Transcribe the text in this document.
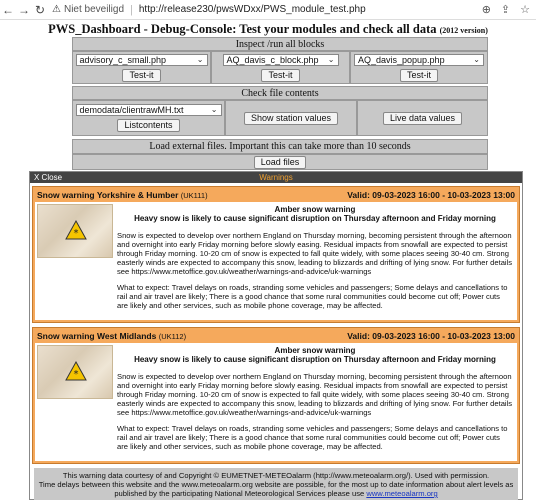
← → ↻ ⚠ Niet beveiligd | http://release230/pwsWDxx/PWS_module_test.php	⊕ ⇪ ☆
PWS_Dashboard - Debug-Console: Test your modules and check all data (2012 version)
Inspect /run all blocks
advisory_c_small.php	⌄
Test-it
AQ_davis_c_block.php ⌄
Test-it
AQ_davis_popup.php	⌄
Test-it
Check file contents
demodata/clientrawMH.txt	⌄
Listcontents
Show station values	Live data values
Load external files. Important this can take more than 10 seconds
Load files
X Close	Warnings
Snow warning Yorkshire & Humber (UK111)	Valid: 09-03-2023 16:00 - 10-03-2023 13:00
*
Amber snow warning
Heavy snow is likely to cause significant disruption on Thursday afternoon and Friday morning

Snow is expected to develop over northern England on Thursday morning, becoming persistent through the afternoon and overnight into early Friday morning before slowly easing. Residual impacts from snowfall are expected to persist through Friday morning. 10-20 cm of snow is expected to fall quite widely, with some places seeing 30-40 cm. Strong easterly winds are expected to accompany this snow, leading to blizzards and drifting of lying snow. For further details see https://www.metoffice.gov.uk/weather/warnings-and-advice/uk-warnings

What to expect: Travel delays on roads, stranding some vehicles and passengers; Some delays and cancellations to rail and air travel are likely; There is a good chance that some rural communities could become cut off; Power cuts are likely and other services, such as mobile phone coverage, may be affected.

Snow warning West Midlands (UK112)	Valid: 09-03-2023 16:00 - 10-03-2023 13:00
*
Amber snow warning
Heavy snow is likely to cause significant disruption on Thursday afternoon and Friday morning

Snow is expected to develop over northern England on Thursday morning, becoming persistent through the afternoon and overnight into early Friday morning before slowly easing. Residual impacts from snowfall are expected to persist through Friday morning. 10-20 cm of snow is expected to fall quite widely, with some places seeing 30-40 cm. Strong easterly winds are expected to accompany this snow, leading to blizzards and drifting of lying snow. For further details see https://www.metoffice.gov.uk/weather/warnings-and-advice/uk-warnings

What to expect: Travel delays on roads, stranding some vehicles and passengers; Some delays and cancellations to rail and air travel are likely; There is a good chance that some rural communities could become cut off; Power cuts are likely and other services, such as mobile phone coverage, may be affected.

This warning data courtesy of and Copyright © EUMETNET-METEOalarm (http://www.meteoalarm.org/). Used with permission.
Time delays between this website and the www.meteoalarm.org website are possible, for the most up to date information about alert levels as published by the participating National Meteorological Services please use www.meteoalarm.org
